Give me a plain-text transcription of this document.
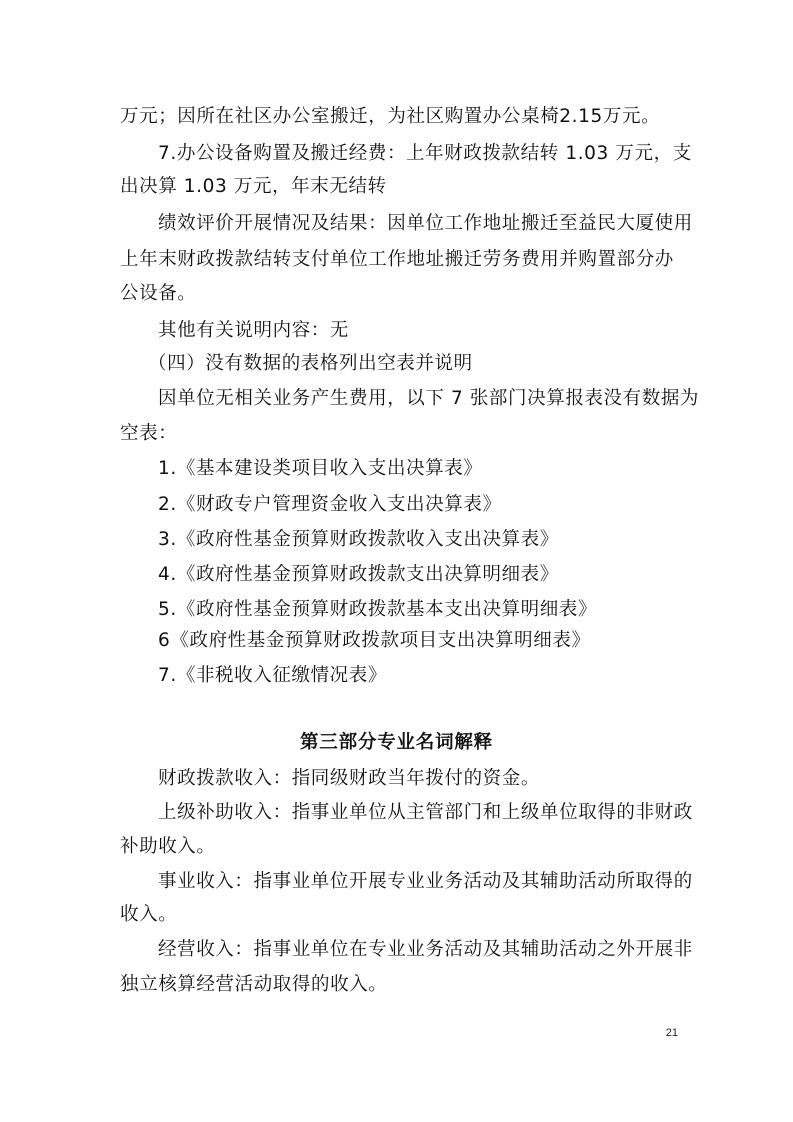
万元；因所在社区办公室搬迁，为社区购置办公桌椅2.15万元。
7.办公设备购置及搬迁经费：上年财政拨款结转 1.03 万元，支
出决算 1.03 万元，年末无结转
绩效评价开展情况及结果：因单位工作地址搬迁至益民大厦使用
上年末财政拨款结转支付单位工作地址搬迁劳务费用并购置部分办
公设备。
其他有关说明内容：无
（四）没有数据的表格列出空表并说明
因单位无相关业务产生费用，以下 7 张部门决算报表没有数据为
空表：
1.《基本建设类项目收入支出决算表》
2.《财政专户管理资金收入支出决算表》
3.《政府性基金预算财政拨款收入支出决算表》
4.《政府性基金预算财政拨款支出决算明细表》
5.《政府性基金预算财政拨款基本支出决算明细表》
6《政府性基金预算财政拨款项目支出决算明细表》
7.《非税收入征缴情况表》
第三部分专业名词解释
财政拨款收入：指同级财政当年拨付的资金。
上级补助收入：指事业单位从主管部门和上级单位取得的非财政
补助收入。
事业收入：指事业单位开展专业业务活动及其辅助活动所取得的
收入。
经营收入：指事业单位在专业业务活动及其辅助活动之外开展非
独立核算经营活动取得的收入。
21
